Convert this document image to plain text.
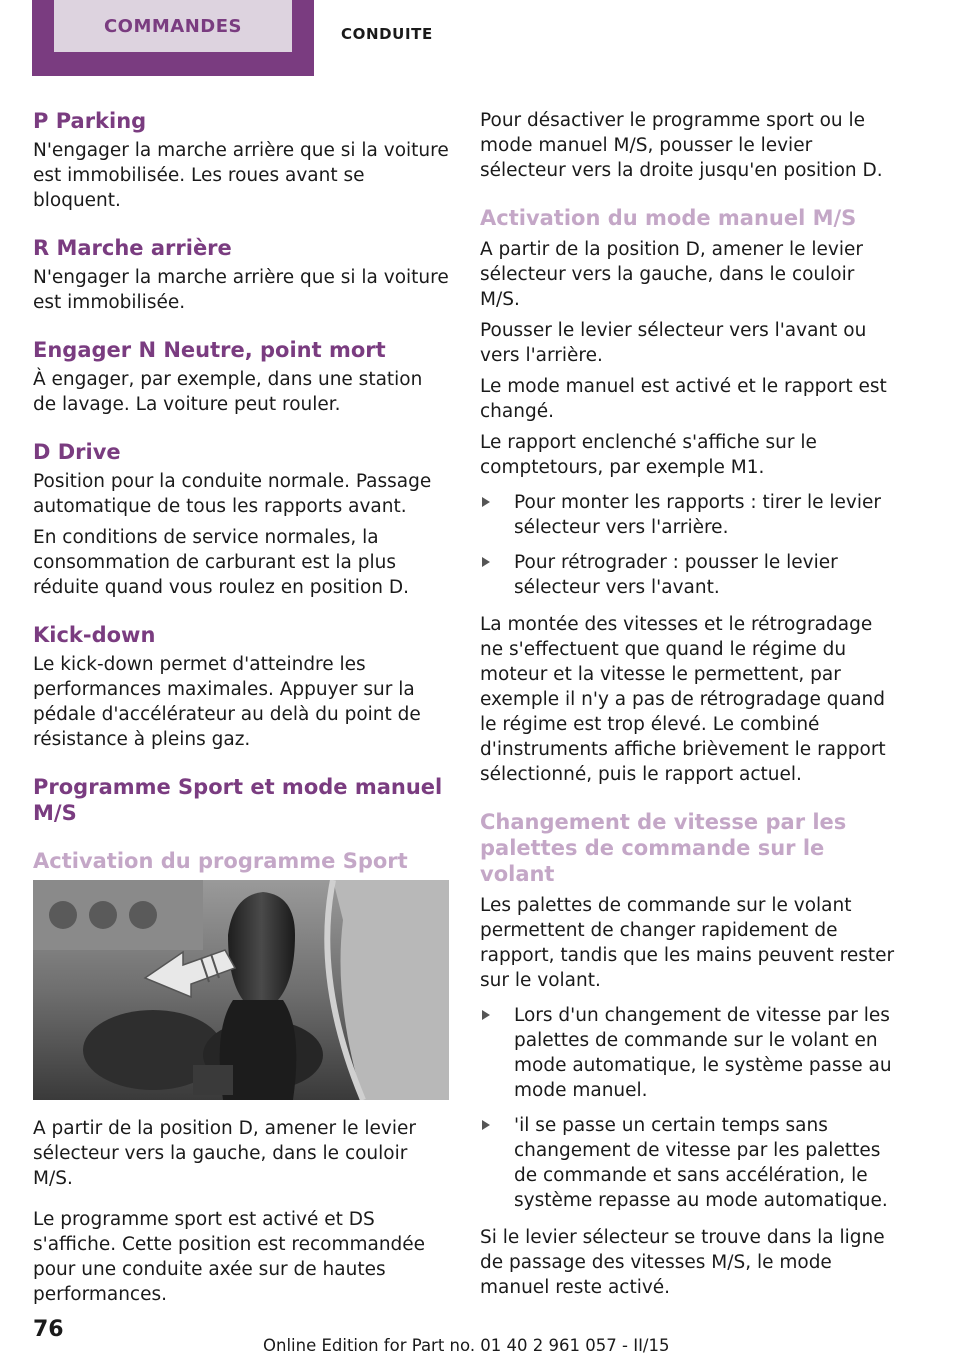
COMMANDES	CONDUITE
P Parking

N'engager la marche arrière que si la voiture est immobilisée. Les roues avant se bloquent.

R Marche arrière

N'engager la marche arrière que si la voiture est immobilisée.

Engager N Neutre, point mort

À engager, par exemple, dans une station de lavage. La voiture peut rouler.

D Drive

Position pour la conduite normale. Passage automatique de tous les rapports avant.

En conditions de service normales, la consommation de carburant est la plus réduite quand vous roulez en position D.

Kick-down

Le kick-down permet d'atteindre les performances maximales. Appuyer sur la pédale d'accélérateur au delà du point de résistance à pleins gaz.

Programme Sport et mode manuel M/S
Activation du programme Sport

A partir de la position D, amener le levier sélecteur vers la gauche, dans le couloir M/S.

Le programme sport est activé et DS s'affiche. Cette position est recommandée pour une conduite axée sur de hautes performances.

Pour désactiver le programme sport ou le mode manuel M/S, pousser le levier sélecteur vers la droite jusqu'en position D.

Activation du mode manuel M/S

A partir de la position D, amener le levier sélecteur vers la gauche, dans le couloir M/S.

Pousser le levier sélecteur vers l'avant ou vers l'arrière.

Le mode manuel est activé et le rapport est changé.

Le rapport enclenché s'affiche sur le comptetours, par exemple M1.

Pour monter les rapports : tirer le levier sélecteur vers l'arrière.
Pour rétrograder : pousser le levier sélecteur vers l'avant.

La montée des vitesses et le rétrogradage ne s'effectuent que quand le régime du moteur et la vitesse le permettent, par exemple il n'y a pas de rétrogradage quand le régime est trop élevé. Le combiné d'instruments affiche brièvement le rapport sélectionné, puis le rapport actuel.

Changement de vitesse par les palettes de commande sur le volant

Les palettes de commande sur le volant permettent de changer rapidement de rapport, tandis que les mains peuvent rester sur le volant.

Lors d'un changement de vitesse par les palettes de commande sur le volant en mode automatique, le système passe au mode manuel.
'il se passe un certain temps sans changement de vitesse par les palettes de commande et sans accélération, le système repasse au mode automatique.

Si le levier sélecteur se trouve dans la ligne de passage des vitesses M/S, le mode manuel reste activé.

76
Online Edition for Part no. 01 40 2 961 057 - II/15
